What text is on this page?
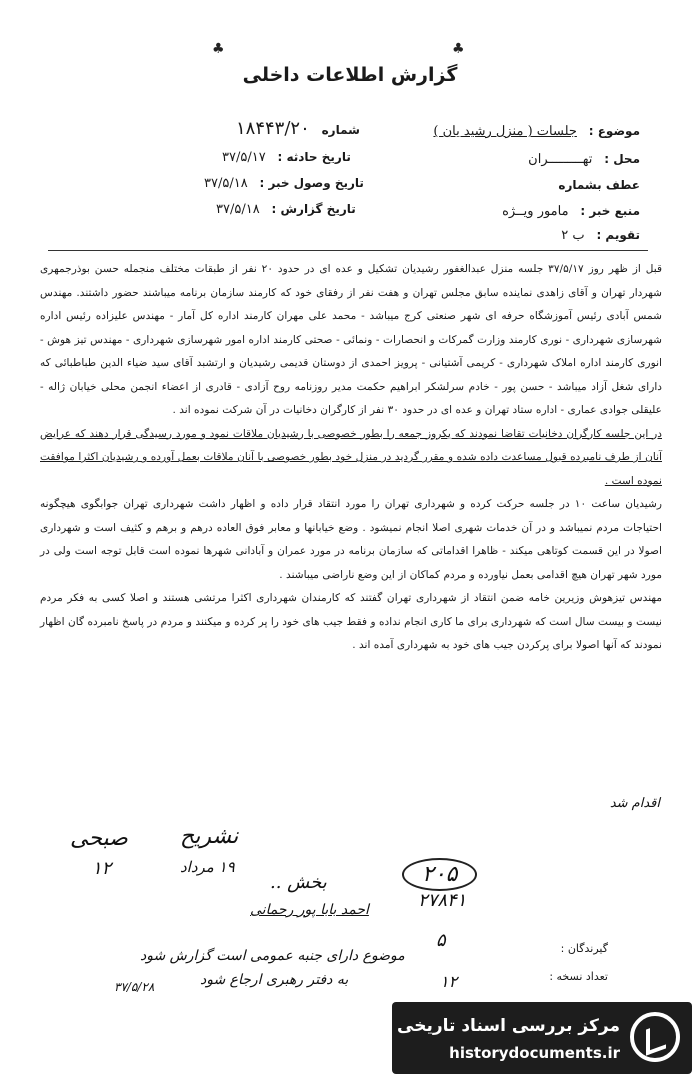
♣
♣
گزارش اطلاعات داخلی
موضوع : جلسات ( منزل رشید یان )
شماره ۱۸۴۴۳/۲۰
محل : تهـــــــــران
تاریخ حادثه : ۳۷/۵/۱۷
عطف بشماره
تاریخ وصول خبر : ۳۷/۵/۱۸
منبع خبر : مامور ویــژه
تاریخ گزارش : ۳۷/۵/۱۸
تقویم : ب ۲

قبل از ظهر روز ۳۷/۵/۱۷ جلسه منزل عبدالغفور رشیدیان تشکیل و عده ای در حدود ۲۰ نفر از طبقات مختلف منجمله حسن بوذرجمهری شهردار تهران و آقای زاهدی نماینده سابق مجلس تهران و هفت نفر از رفقای خود که کارمند سازمان برنامه میباشند حضور داشتند. مهندس شمس آبادی رئیس آموزشگاه حرفه ای شهر صنعتی کرج میباشد - محمد علی مهران کارمند اداره کل آمار - مهندس علیزاده رئیس اداره شهرسازی شهرداری - نوری کارمند وزارت گمرکات و انحصارات - ونمائی - صحتی کارمند اداره امور شهرسازی شهرداری - مهندس تیز هوش - انوری کارمند اداره املاک شهرداری - کریمی آشتیانی - پرویز احمدی از دوستان قدیمی رشیدیان و ارتشبد آقای سید ضیاء الدین طباطبائی که دارای شغل آزاد میباشد - حسن پور - خادم سرلشکر ابراهیم حکمت مدیر روزنامه روح آزادی - قادری از اعضاء انجمن محلی خیابان ژاله - علیقلی جوادی عماری - اداره ستاد تهران و عده ای در حدود ۳۰ نفر از کارگران دخانیات در آن شرکت نموده اند .

در این جلسه کارگران دخانیات تقاضا نمودند که یکروز جمعه را بطور خصوصی با رشیدیان ملاقات نمود و مورد رسیدگی قرار دهند که عرایض آنان از طرف نامبرده قبول مساعدت داده شده و مقرر گردید در منزل خود بطور خصوصی با آنان ملاقات بعمل آورده و رشیدیان اکثرا موافقت نموده است .

رشیدیان ساعت ۱۰ در جلسه حرکت کرده و شهرداری تهران را مورد انتقاد قرار داده و اظهار داشت شهرداری تهران جوابگوی هیچگونه احتیاجات مردم نمیباشد و در آن خدمات شهری اصلا انجام نمیشود . وضع خیابانها و معابر فوق العاده درهم و برهم و کثیف است و شهرداری اصولا در این قسمت کوتاهی میکند - ظاهرا اقداماتی که سازمان برنامه در مورد عمران و آبادانی شهرها نموده است قابل توجه است ولی در مورد شهر تهران هیچ اقدامی بعمل نیاورده و مردم کماکان از این وضع ناراضی میباشند .

مهندس تیزهوش وزیرین خامه ضمن انتقاد از شهرداری تهران گفتند که کارمندان شهرداری اکثرا مرتشی هستند و اصلا کسی به فکر مردم نیست و بیست سال است که شهرداری برای ما کاری انجام نداده و فقط جیب های خود را پر کرده و میکنند و مردم در پاسخ نامبرده گان اظهار نمودند که آنها اصولا برای پرکردن جیب های خود به شهرداری آمده اند .

اقدام شد
صبحی
۱۲
نشریح
۱۹ مرداد
بخش ..
احمد بابا پور رحمانی
۲۰۵
۲۷۸۴۱
موضوع دارای جنبه عمومی است گزارش شود
به دفتر رهبری ارجاع شود
۳۷/۵/۲۸
گیرندگان :
تعداد نسخه :
۵
۱۲
مرکز بررسی اسناد تاریخی
historydocuments.ir
